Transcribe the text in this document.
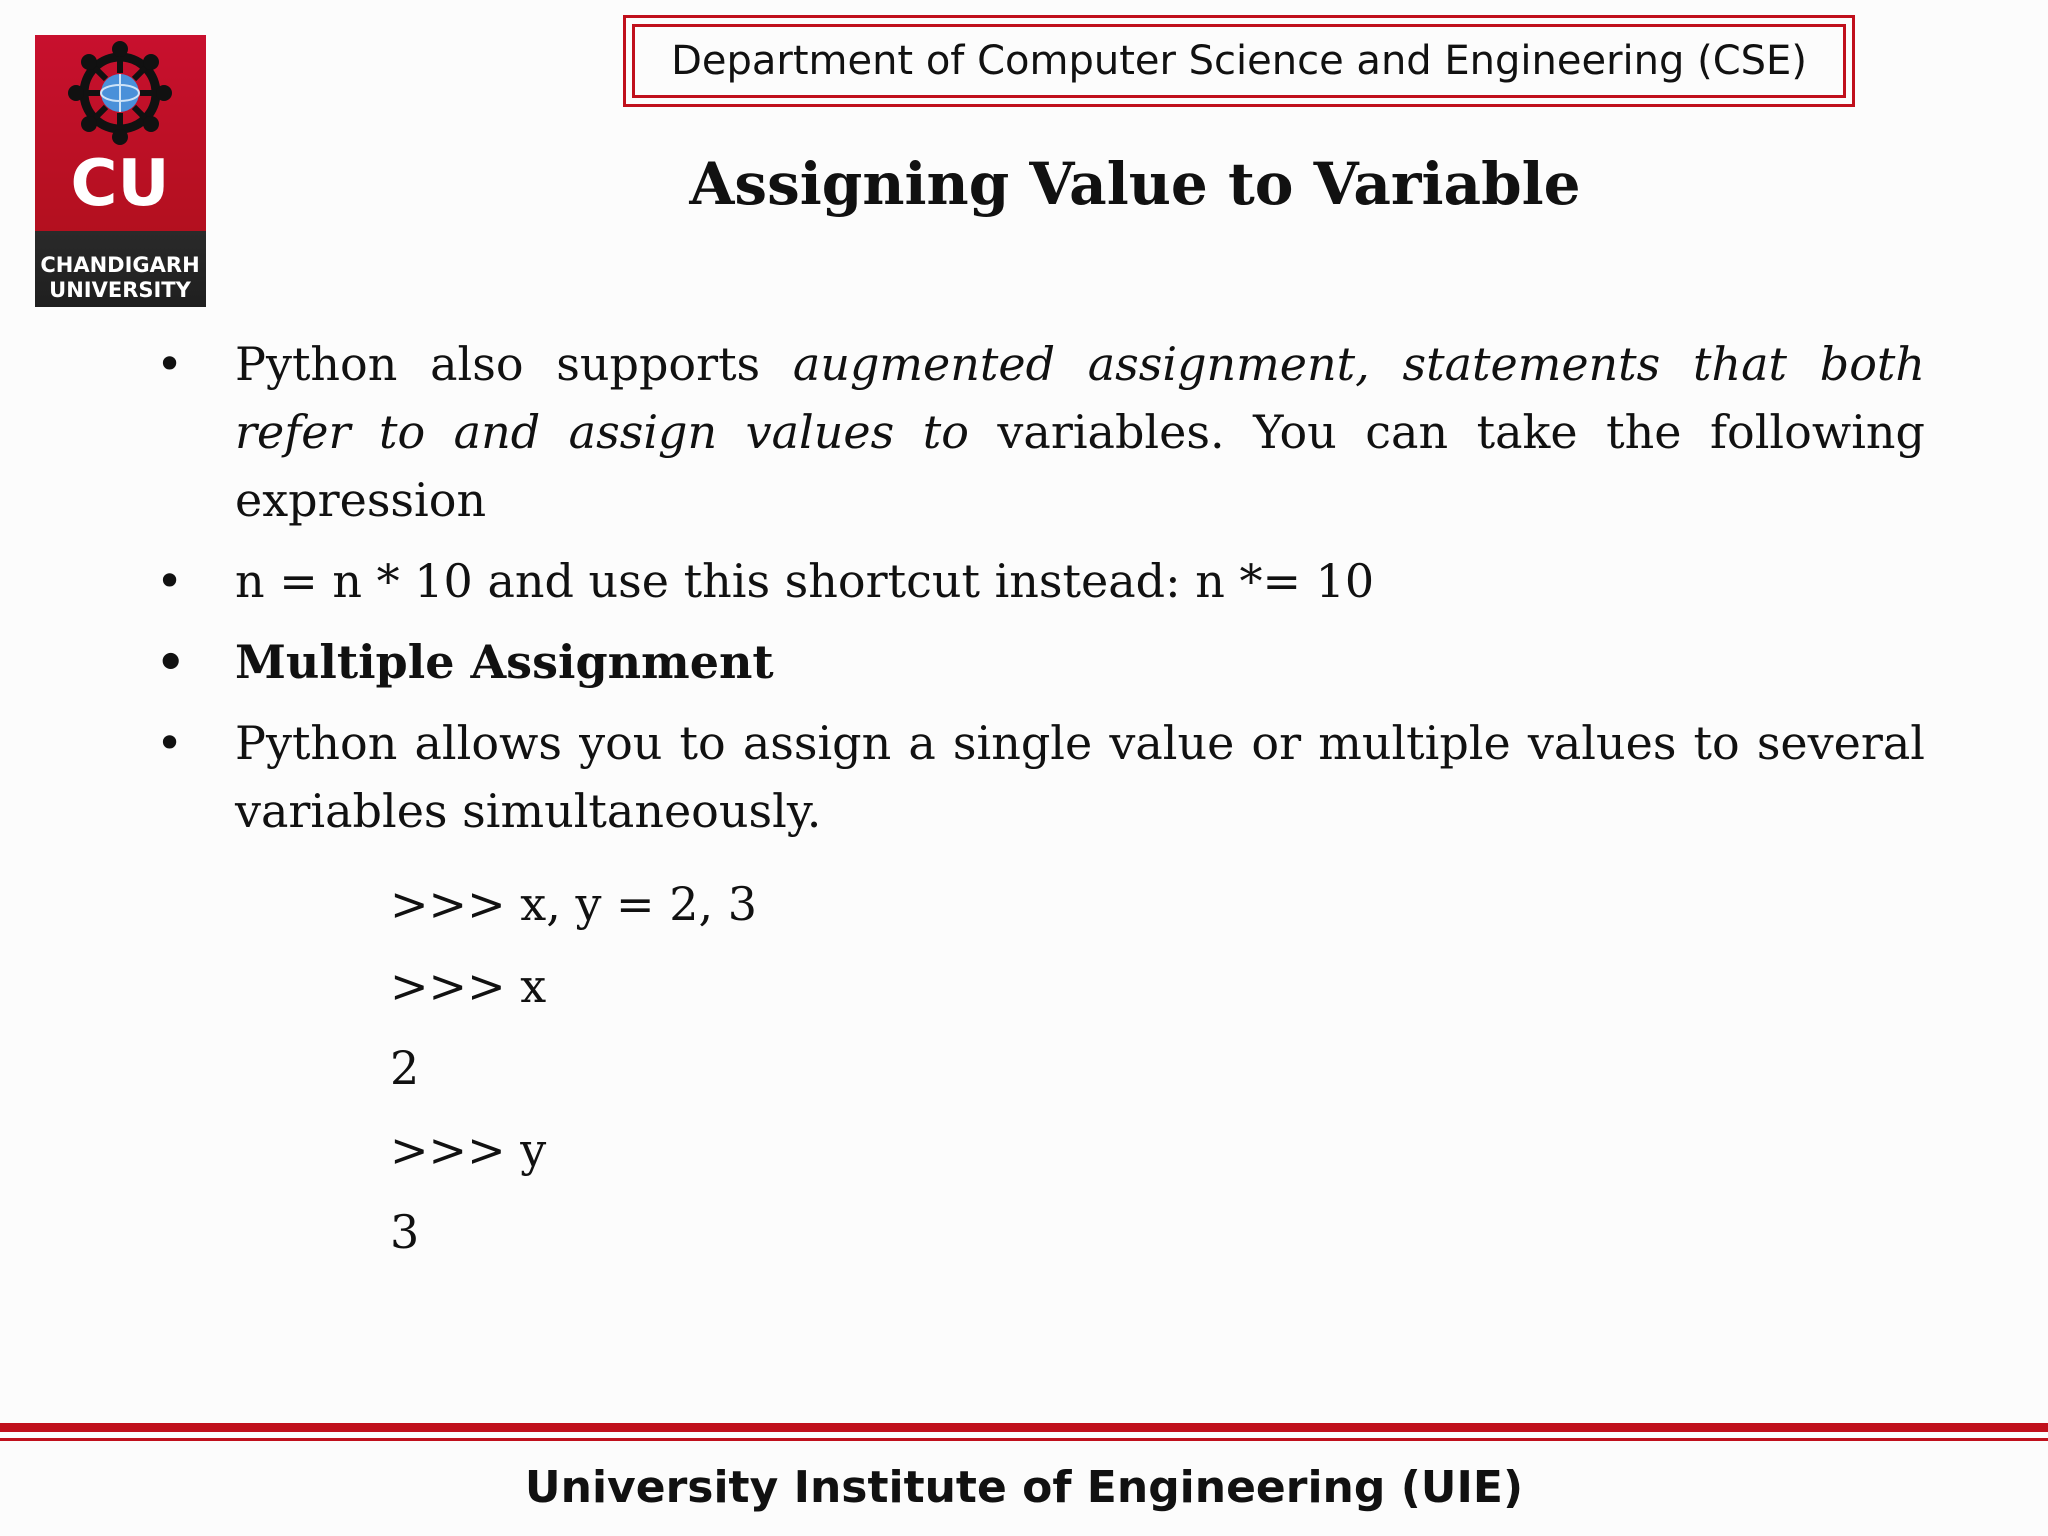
CU
CHANDIGARH
UNIVERSITY
Department of Computer Science and Engineering (CSE)
Assigning Value to Variable
• Python also supports augmented assignment, statements that both refer to and assign values to variables. You can take the following expression
• n = n * 10 and use this shortcut instead: n *= 10
• Multiple Assignment
• Python allows you to assign a single value or multiple values to several variables simultaneously.
>>> x, y = 2, 3
>>> x
2
>>> y
3
University Institute of Engineering (UIE)
